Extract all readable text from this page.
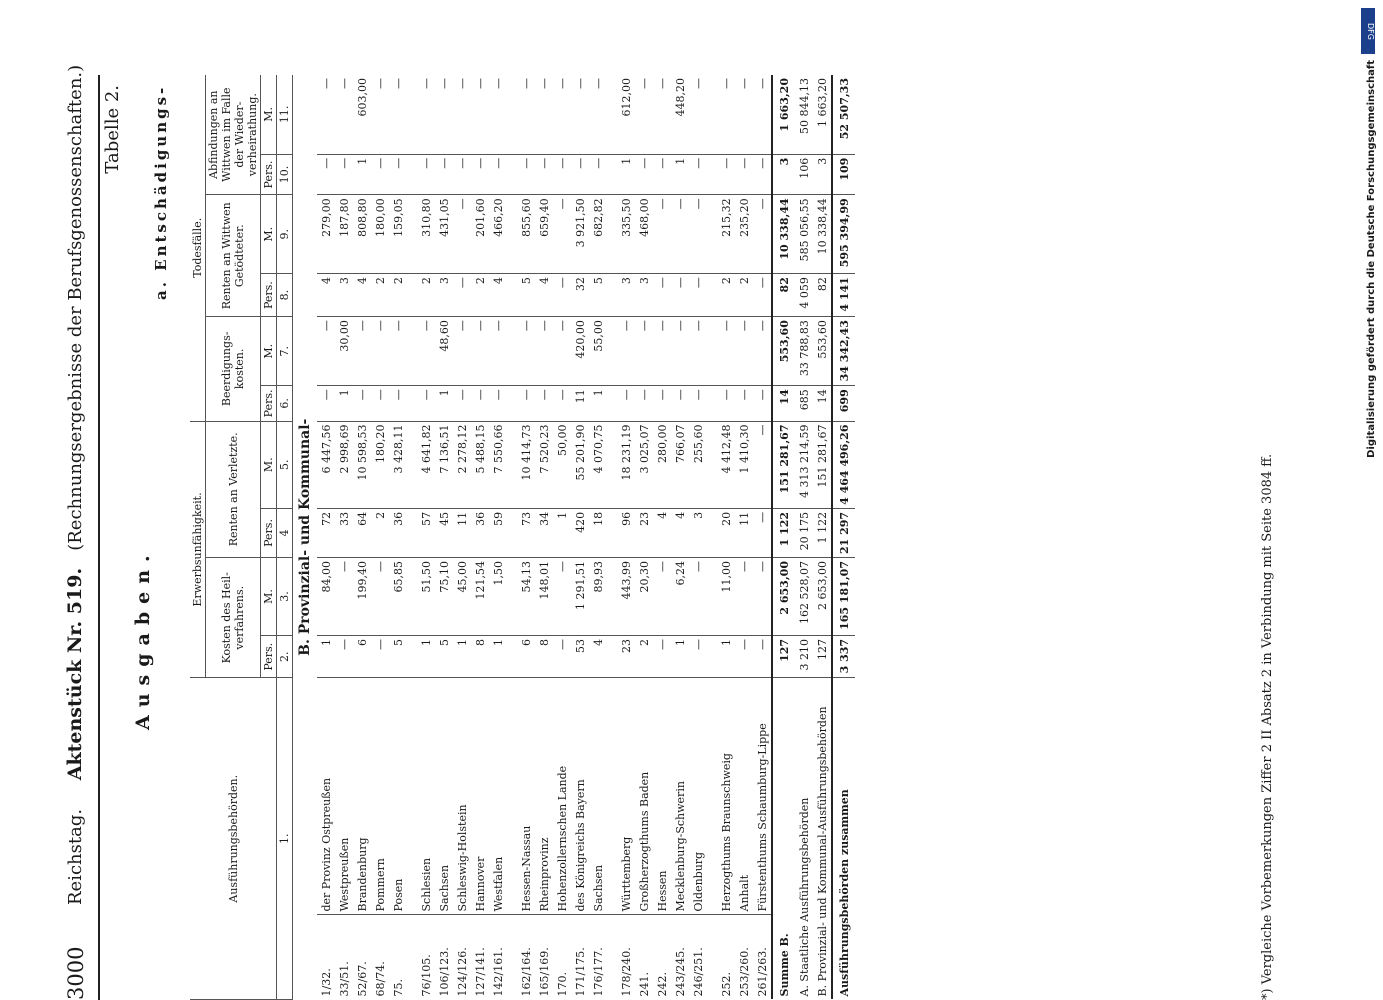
DFG
Digitalisierung gefördert durch die Deutsche Forschungsgemeinschaft
3000
Reichstag.     Aktenstück Nr. 519.   (Rechnungsergebnisse der Berufsgenossenschaften.) Tabelle 2.
Ausgaben.
a. Entschädigungs-
Ausführungsbehörden.		Erwerbsunfähigkeit.				Todesfälle.					
		Kosten des Heil-verfahrens.		Renten an Verletzte.		Beerdigungs-kosten.		Renten an Wittwen Getödteter.		Abfindungen an Wittwen im Falle der Wieder-verheirathung.	
		Pers.	M.	Pers.	M.	Pers.	M.	Pers.	M.	Pers.	M.
1.		2.	3.	4	5.	6.	7.	8.	9.	10.	11.
B. Provinzial- und Kommunal-											
1/32.	der Provinz Ostpreußen	1	84,00	72	6 447,56	—	—	4	279,00	—	—
33/51.	Westpreußen	—	—	33	2 998,69	1	30,00	3	187,80	—	—
52/67.	Brandenburg	6	199,40	64	10 598,53	—	—	4	808,80	1	603,00
68/74.	Pommern	—	—	2	180,20	—	—	2	180,00	—	—
75.	Posen	5	65,85	36	3 428,11	—	—	2	159,05	—	—

76/105.	Schlesien	1	51,50	57	4 641,82	—	—	2	310,80	—	—
106/123.	Sachsen	5	75,10	45	7 136,51	1	48,60	3	431,05	—	—
124/126.	Schleswig-Holstein	1	45,00	11	2 278,12	—	—	—	—	—	—
127/141.	Hannover	8	121,54	36	5 488,15	—	—	2	201,60	—	—
142/161.	Westfalen	1	1,50	59	7 550,66	—	—	4	466,20	—	—

162/164.	Hessen-Nassau	6	54,13	73	10 414,73	—	—	5	855,60	—	—
165/169.	Rheinprovinz	8	148,01	34	7 520,23	—	—	4	659,40	—	—
170.	Hohenzollernschen Lande	—	—	1	50,00	—	—	—	—	—	—
171/175.	des Königreichs Bayern	53	1 291,51	420	55 201,90	11	420,00	32	3 921,50	—	—
176/177.	Sachsen	4	89,93	18	4 070,75	1	55,00	5	682,82	—	—

178/240.	Württemberg	23	443,99	96	18 231,19	—	—	3	335,50	1	612,00
241.	Großherzogthums Baden	2	20,30	23	3 025,07	—	—	3	468,00	—	—
242.	Hessen	—	—	4	280,00	—	—	—	—	—	—
243/245.	Mecklenburg-Schwerin	1	6,24	4	766,07	—	—	—	—	1	448,20
246/251.	Oldenburg	—	—	3	255,60	—	—	—	—	—	—

252.	Herzogthums Braunschweig	1	11,00	20	4 412,48	—	—	2	215,32	—	—
253/260.	Anhalt	—	—	11	1 410,30	—	—	2	235,20	—	—
261/263.	Fürstenthums Schaumburg-Lippe	—	—	—	—	—	—	—	—	—	—
Summe B.		127	2 653,00	1 122	151 281,67	14	553,60	82	10 338,44	3	1 663,20
A. Staatliche Ausführungsbehörden		3 210	162 528,07	20 175	4 313 214,59	685	33 788,83	4 059	585 056,55	106	50 844,13
B. Provinzial- und Kommunal-Ausführungsbehörden		127	2 653,00	1 122	151 281,67	14	553,60	82	10 338,44	3	1 663,20
Ausführungsbehörden zusammen		3 337	165 181,07	21 297	4 464 496,26	699	34 342,43	4 141	595 394,99	109	52 507,33
*) Vergleiche Vorbemerkungen Ziffer 2 II Absatz 2 in Verbindung mit Seite 3084 ff.
